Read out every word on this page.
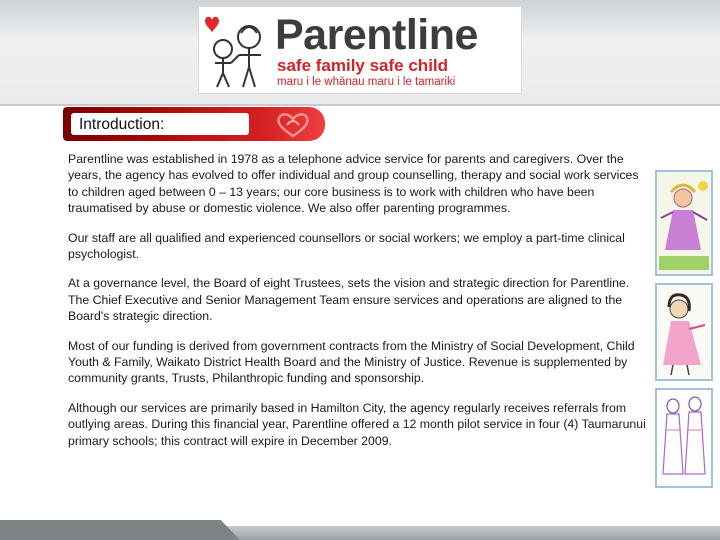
Parentline
safe family safe child
maru i le whānau maru i le tamariki
Introduction:

Parentline was established in 1978 as a telephone advice service for parents and caregivers. Over the years, the agency has evolved to offer individual and group counselling, therapy and social work services to children aged between 0 – 13 years; our core business is to work with children who have been traumatised by abuse or domestic violence. We also offer parenting programmes.

Our staff are all qualified and experienced counsellors or social workers; we employ a part-time clinical psychologist.

At a governance level, the Board of eight Trustees, sets the vision and strategic direction for Parentline. The Chief Executive and Senior Management Team ensure services and operations are aligned to the Board's strategic direction.

Most of our funding is derived from government contracts from the Ministry of Social Development, Child Youth & Family, Waikato District Health Board and the Ministry of Justice. Revenue is supplemented by community grants, Trusts, Philanthropic funding and sponsorship.

Although our services are primarily based in Hamilton City, the agency regularly receives referrals from outlying areas. During this financial year, Parentline offered a 12 month pilot service in four (4) Taumarunui primary schools; this contract will expire in December 2009.
